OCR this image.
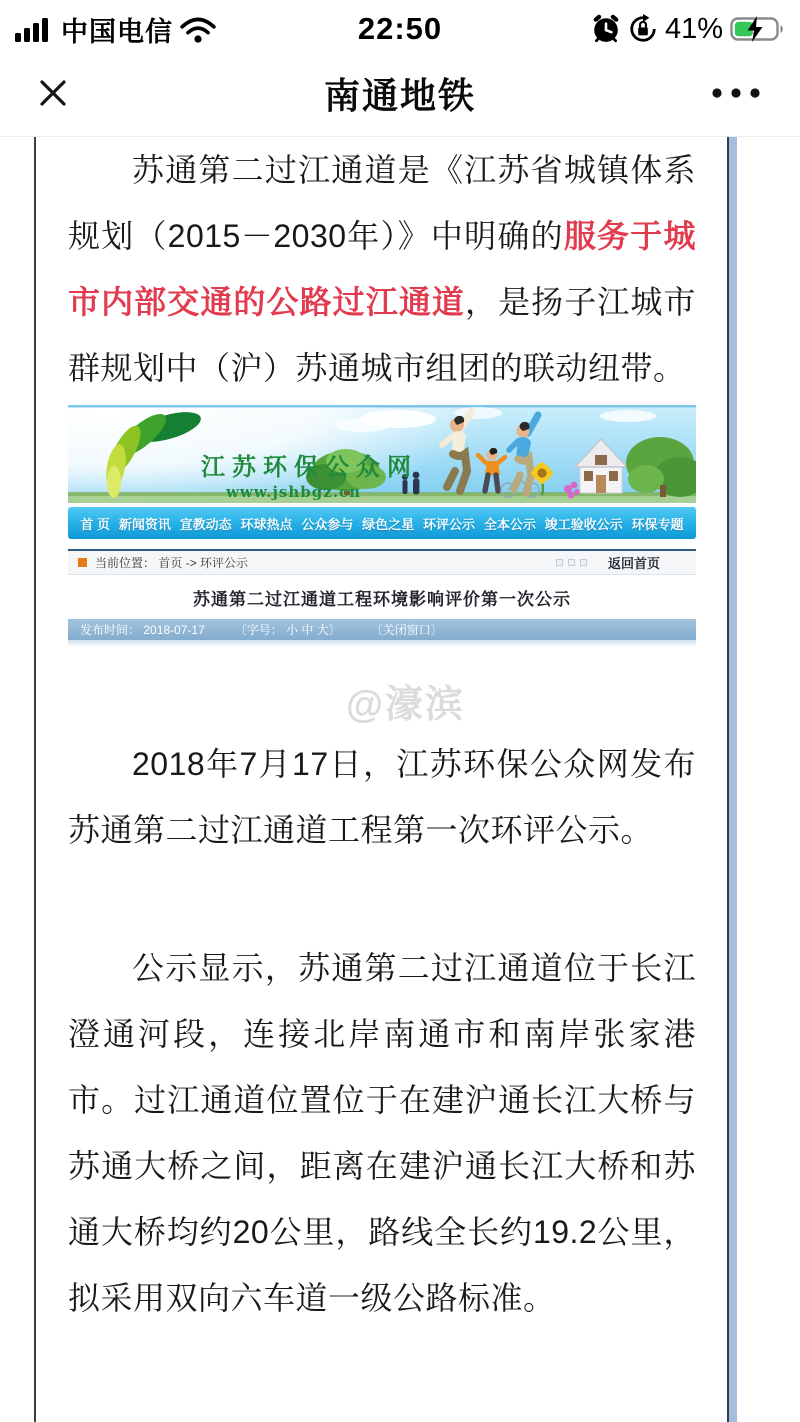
中国电信	22:50	41%
南通地铁

苏通第二过江通道是《江苏省城镇体系规划（2015－2030年）》中明确的服务于城市内部交通的公路过江通道，是扬子江城市群规划中（沪）苏通城市组团的联动纽带。

江苏环保公众网
www.jshbgz.cn
首 页 新闻资讯 宣教动态 环球热点 公众参与 绿色之星 环评公示 全本公示 竣工验收公示 环保专题
当前位置：
首页 -> 环评公示	返回首页
苏通第二过江通道工程环境影响评价第一次公示
发布时间： 2018-07-17	〔字号： 小 中 大〕	〔关闭窗口〕
@濠滨

2018年7月17日，江苏环保公众网发布苏通第二过江通道工程第一次环评公示。

公示显示，苏通第二过江通道位于长江澄通河段，连接北岸南通市和南岸张家港市。过江通道位置位于在建沪通长江大桥与苏通大桥之间，距离在建沪通长江大桥和苏通大桥均约20公里，路线全长约19.2公里，拟采用双向六车道一级公路标准。
